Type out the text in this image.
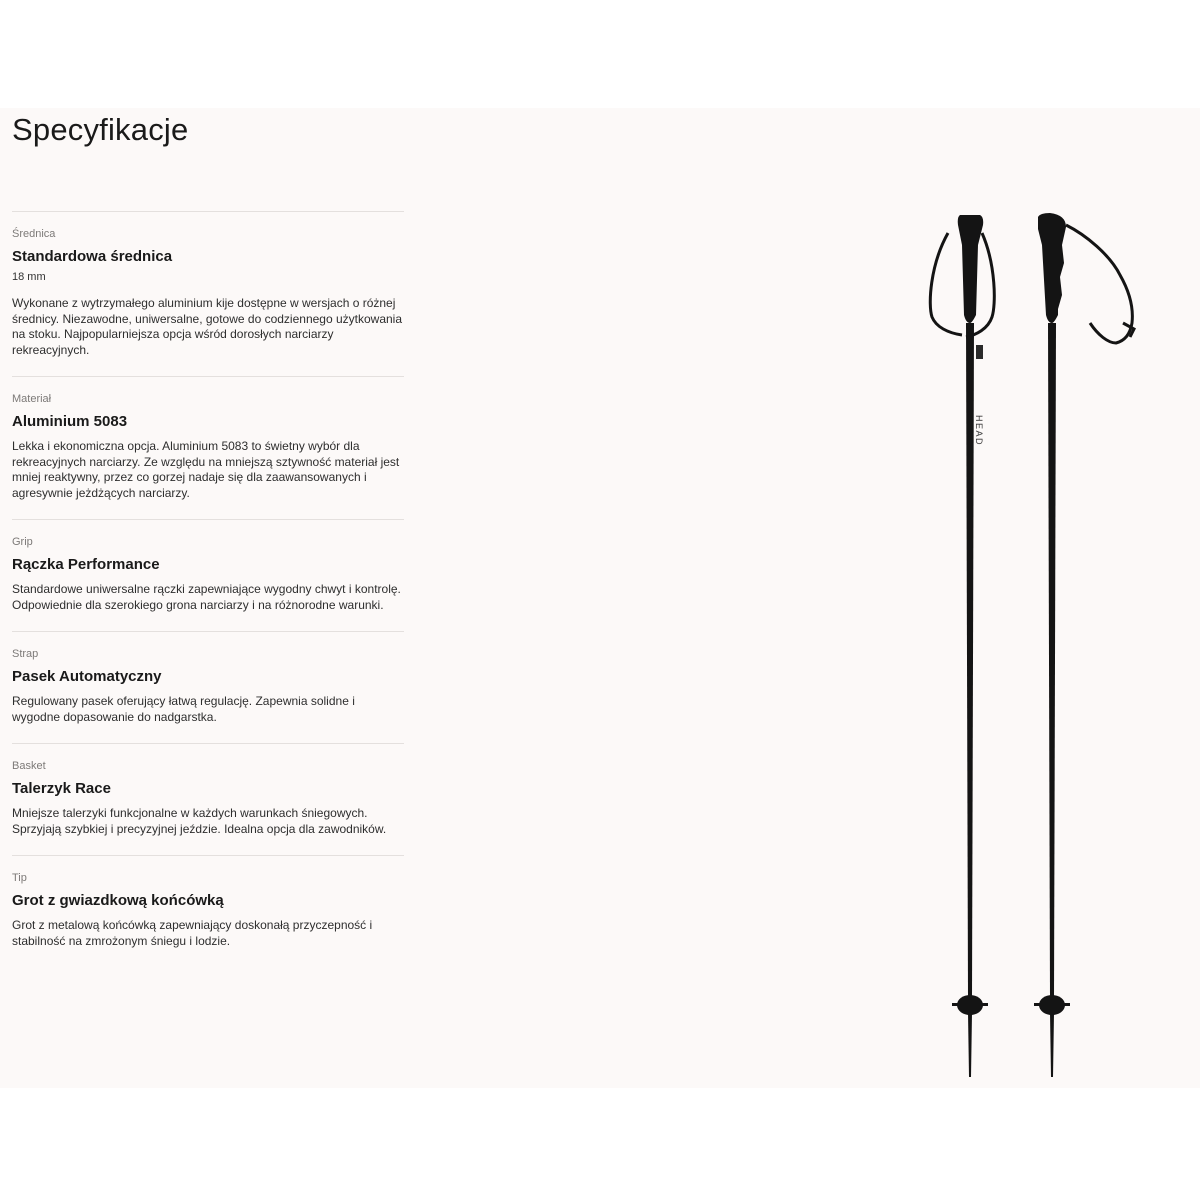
Specyfikacje

Średnica

Standardowa średnica

18 mm

Wykonane z wytrzymałego aluminium kije dostępne w wersjach o różnej średnicy. Niezawodne, uniwersalne, gotowe do codziennego użytkowania na stoku. Najpopularniejsza opcja wśród dorosłych narciarzy rekreacyjnych.

Materiał

Aluminium 5083

Lekka i ekonomiczna opcja. Aluminium 5083 to świetny wybór dla rekreacyjnych narciarzy. Ze względu na mniejszą sztywność materiał jest mniej reaktywny, przez co gorzej nadaje się dla zaawansowanych i agresywnie jeżdżących narciarzy.

Grip

Rączka Performance

Standardowe uniwersalne rączki zapewniające wygodny chwyt i kontrolę. Odpowiednie dla szerokiego grona narciarzy i na różnorodne warunki.

Strap

Pasek Automatyczny

Regulowany pasek oferujący łatwą regulację. Zapewnia solidne i wygodne dopasowanie do nadgarstka.

Basket

Talerzyk Race

Mniejsze talerzyki funkcjonalne w każdych warunkach śniegowych. Sprzyjają szybkiej i precyzyjnej jeździe. Idealna opcja dla zawodników.

Tip

Grot z gwiazdkową końcówką

Grot z metalową końcówką zapewniający doskonałą przyczepność i stabilność na zmrożonym śniegu i lodzie.

HEAD
